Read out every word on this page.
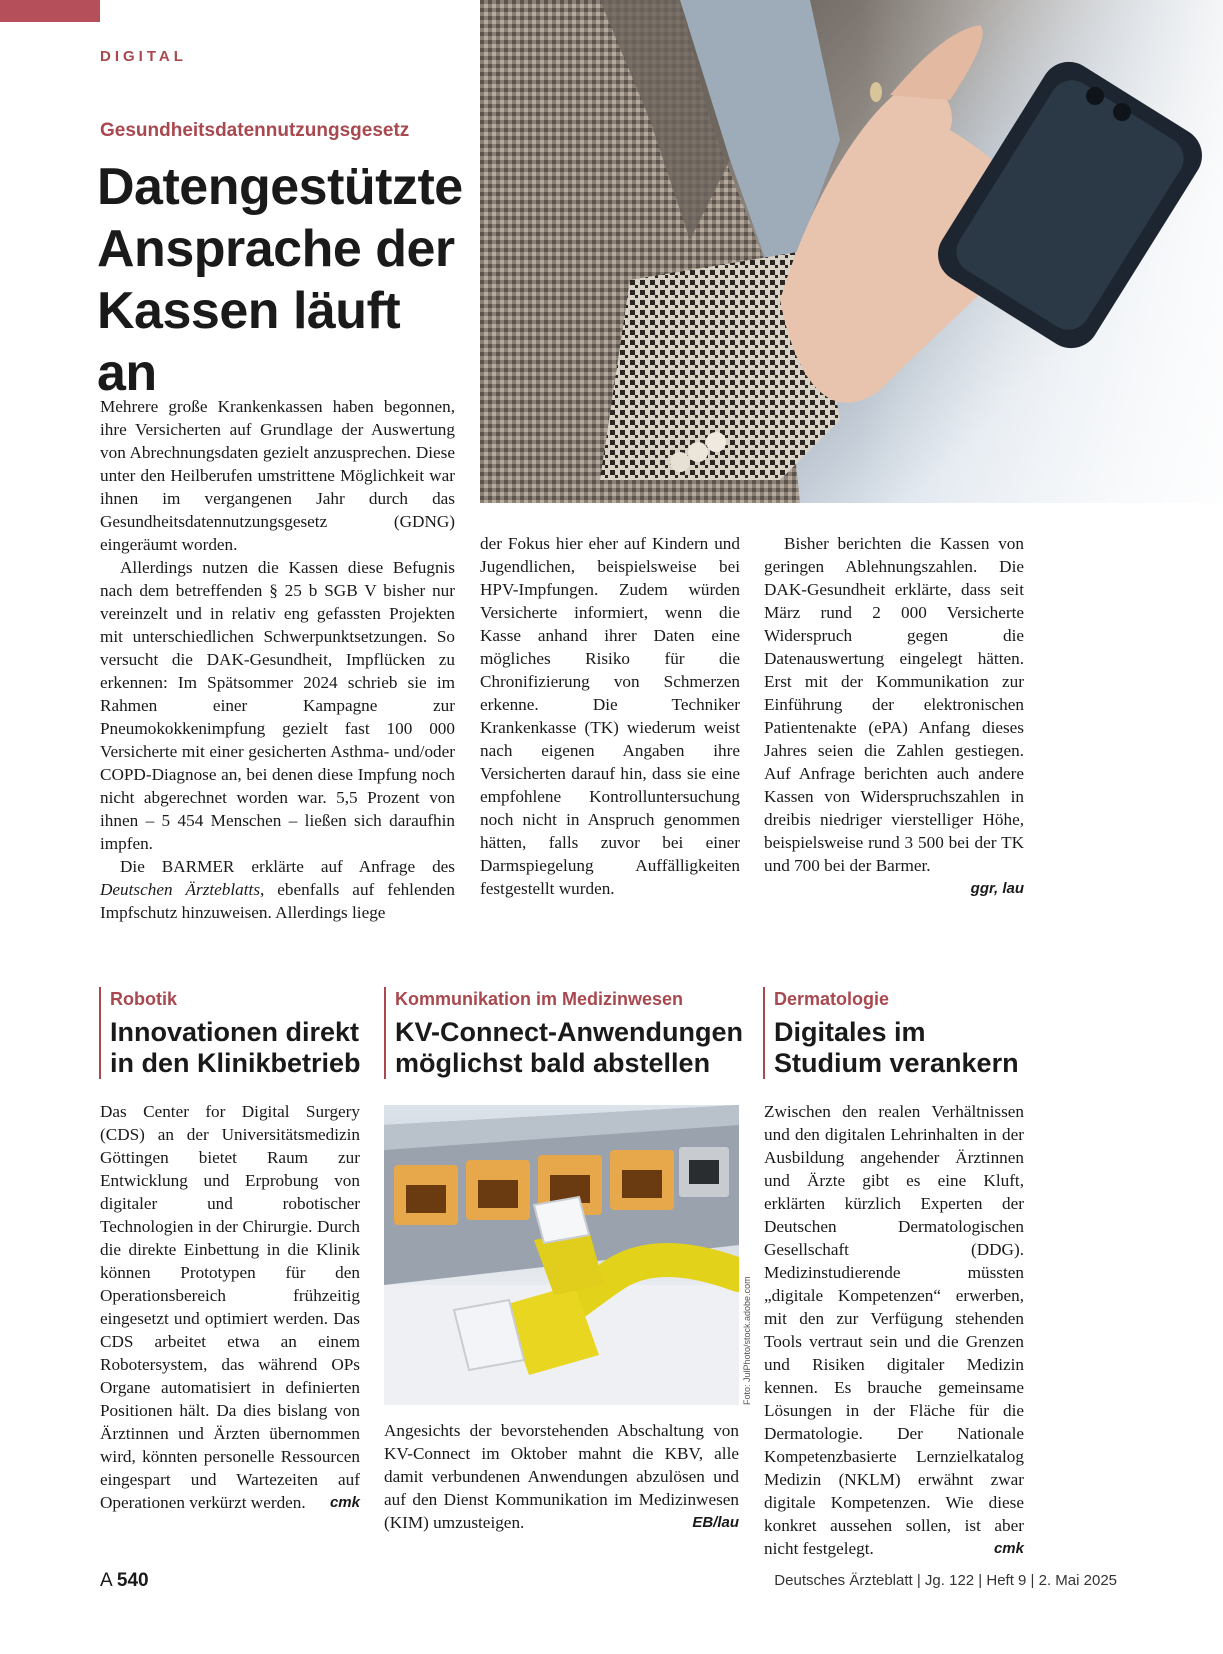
DIGITAL
Gesundheitsdatennutzungsgesetz
Datengestützte Ansprache der Kassen läuft an

Mehrere große Krankenkassen haben begonnen, ihre Versicherten auf Grundlage der Auswertung von Abrechnungsdaten gezielt anzusprechen. Diese unter den Heilberufen umstrittene Möglichkeit war ihnen im vergangenen Jahr durch das Gesundheitsdatennutzungsgesetz (GDNG) eingeräumt worden.

Allerdings nutzen die Kassen diese Befugnis nach dem betreffenden § 25 b SGB V bisher nur vereinzelt und in relativ eng gefassten Projekten mit unterschiedlichen Schwerpunktsetzungen. So versucht die DAK-Gesundheit, Impflücken zu erkennen: Im Spätsommer 2024 schrieb sie im Rahmen einer Kampagne zur Pneumokokkenimpfung gezielt fast 100 000 Versicherte mit einer gesicherten Asthma- und/oder COPD-Diagnose an, bei denen diese Impfung noch nicht abgerechnet worden war. 5,5 Prozent von ihnen – 5 454 Menschen – ließen sich daraufhin impfen.

Die BARMER erklärte auf Anfrage des Deutschen Ärzteblatts, ebenfalls auf fehlenden Impfschutz hinzuweisen. Allerdings liege

der Fokus hier eher auf Kindern und Jugendlichen, beispielsweise bei HPV-Impfungen. Zudem würden Versicherte informiert, wenn die Kasse anhand ihrer Daten eine mögliches Risiko für die Chronifizierung von Schmerzen erkenne. Die Techniker Krankenkasse (TK) wiederum weist nach eigenen Angaben ihre Versicherten darauf hin, dass sie eine empfohlene Kontrolluntersuchung noch nicht in Anspruch genommen hätten, falls zuvor bei einer Darmspiegelung Auffälligkeiten festgestellt wurden.

Bisher berichten die Kassen von geringen Ablehnungszahlen. Die DAK-Gesundheit erklärte, dass seit März rund 2 000 Versicherte Widerspruch gegen die Datenauswertung eingelegt hätten. Erst mit der Kommunikation zur Einführung der elektronischen Patientenakte (ePA) Anfang dieses Jahres seien die Zahlen gestiegen. Auf Anfrage berichten auch andere Kassen von Widerspruchszahlen in dreibis niedriger vierstelliger Höhe, beispielsweise rund 3 500 bei der TK und 700 bei der Barmer.

ggr, lau
Robotik
Innovationen direkt in den Klinikbetrieb

Das Center for Digital Surgery (CDS) an der Universitätsmedizin Göttingen bietet Raum zur Entwicklung und Erprobung von digitaler und robotischer Technologien in der Chirurgie. Durch die direkte Einbettung in die Klinik können Prototypen für den Operationsbereich frühzeitig eingesetzt und optimiert werden. Das CDS arbeitet etwa an einem Robotersystem, das während OPs Organe automatisiert in definierten Positionen hält. Da dies bislang von Ärztinnen und Ärzten übernommen wird, könnten personelle Ressourcen eingespart und Wartezeiten auf Operationen verkürzt werden. cmk

Kommunikation im Medizinwesen
KV-Connect-Anwendungen möglichst bald abstellen
Foto: JulPhoto/stock.adobe.com

Angesichts der bevorstehenden Abschaltung von KV-Connect im Oktober mahnt die KBV, alle damit verbundenen Anwendungen abzulösen und auf den Dienst Kommunikation im Medizinwesen (KIM) umzusteigen.	EB/lau

Dermatologie
Digitales im Studium verankern

Zwischen den realen Verhältnissen und den digitalen Lehrinhalten in der Ausbildung angehender Ärztinnen und Ärzte gibt es eine Kluft, erklärten kürzlich Experten der Deutschen Dermatologischen Gesellschaft (DDG). Medizinstudierende müssten „digitale Kompetenzen“ erwerben, mit den zur Verfügung stehenden Tools vertraut sein und die Grenzen und Risiken digitaler Medizin kennen. Es brauche gemeinsame Lösungen in der Fläche für die Dermatologie. Der Nationale Kompetenzbasierte Lernzielkatalog Medizin (NKLM) erwähnt zwar digitale Kompetenzen. Wie diese konkret aussehen sollen, ist aber nicht festgelegt.	cmk

A 540	Deutsches Ärzteblatt | Jg. 122 | Heft 9 | 2. Mai 2025
